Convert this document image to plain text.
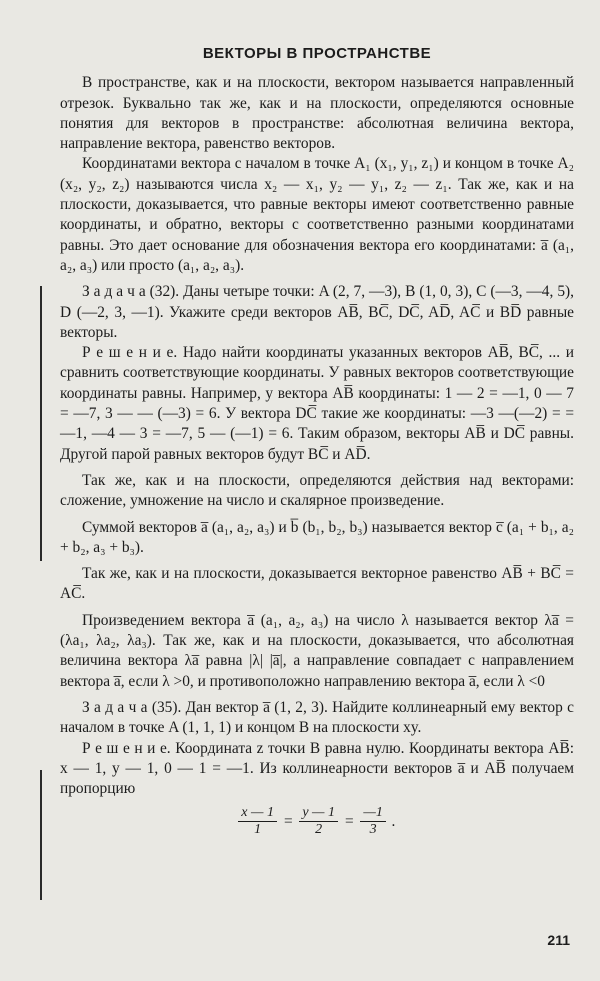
ВЕКТОРЫ В ПРОСТРАНСТВЕ

В пространстве, как и на плоскости, вектором называется направленный отрезок. Буквально так же, как и на плоскости, определяются основные понятия для векторов в пространстве: абсолютная величина вектора, направление вектора, равенство векторов.

Координатами вектора с началом в точке A₁ (x₁, y₁, z₁) и концом в точке A₂ (x₂, y₂, z₂) называются числа x₂ — x₁, y₂ — y₁, z₂ — z₁. Так же, как и на плоскости, доказывается, что равные векторы имеют соответственно равные координаты, и обратно, векторы с соответственно разными координатами равны. Это дает основание для обозначения вектора его координатами: a̅ (a₁, a₂, a₃) или просто (a₁, a₂, a₃).

З а д а ч а (32). Даны четыре точки: A (2, 7, —3), B (1, 0, 3), C (—3, —4, 5), D (—2, 3, —1). Укажите среди векторов AB̅, BC̅, DC̅, AD̅, AC̅ и BD̅ равные векторы.

Р е ш е н и е. Надо найти координаты указанных векторов AB̅, BC̅, ... и сравнить соответствующие координаты. У равных векторов соответствующие координаты равны. Например, у вектора AB̅ координаты: 1 — 2 = —1, 0 — 7 = —7, 3 — — (—3) = 6. У вектора DC̅ такие же координаты: —3 —(—2) = = —1, —4 — 3 = —7, 5 — (—1) = 6. Таким образом, векторы AB̅ и DC̅ равны. Другой парой равных векторов будут BC̅ и AD̅.

Так же, как и на плоскости, определяются действия над векторами: сложение, умножение на число и скалярное произведение.

Суммой векторов a̅ (a₁, a₂, a₃) и b̅ (b₁, b₂, b₃) называется вектор c̅ (a₁ + b₁, a₂ + b₂, a₃ + b₃).

Так же, как и на плоскости, доказывается векторное равенство AB̅ + BC̅ = AC̅.

Произведением вектора a̅ (a₁, a₂, a₃) на число λ называется вектор λa̅ = (λa₁, λa₂, λa₃). Так же, как и на плоскости, доказывается, что абсолютная величина вектора λa̅ равна |λ| |a̅|, а направление совпадает с направлением вектора a̅, если λ >0, и противоположно направлению вектора a̅, если λ <0

З а д а ч а (35). Дан вектор a̅ (1, 2, 3). Найдите коллинеарный ему вектор с началом в точке A (1, 1, 1) и концом B на плоскости xy.

Р е ш е н и е. Координата z точки B равна нулю. Координаты вектора AB̅: x — 1, y — 1, 0 — 1 = —1. Из коллинеарности векторов a̅ и AB̅ получаем пропорцию

$\frac{x — 1}{1} = \frac{y — 1}{2} = \frac{—1}{3}$ .
211
